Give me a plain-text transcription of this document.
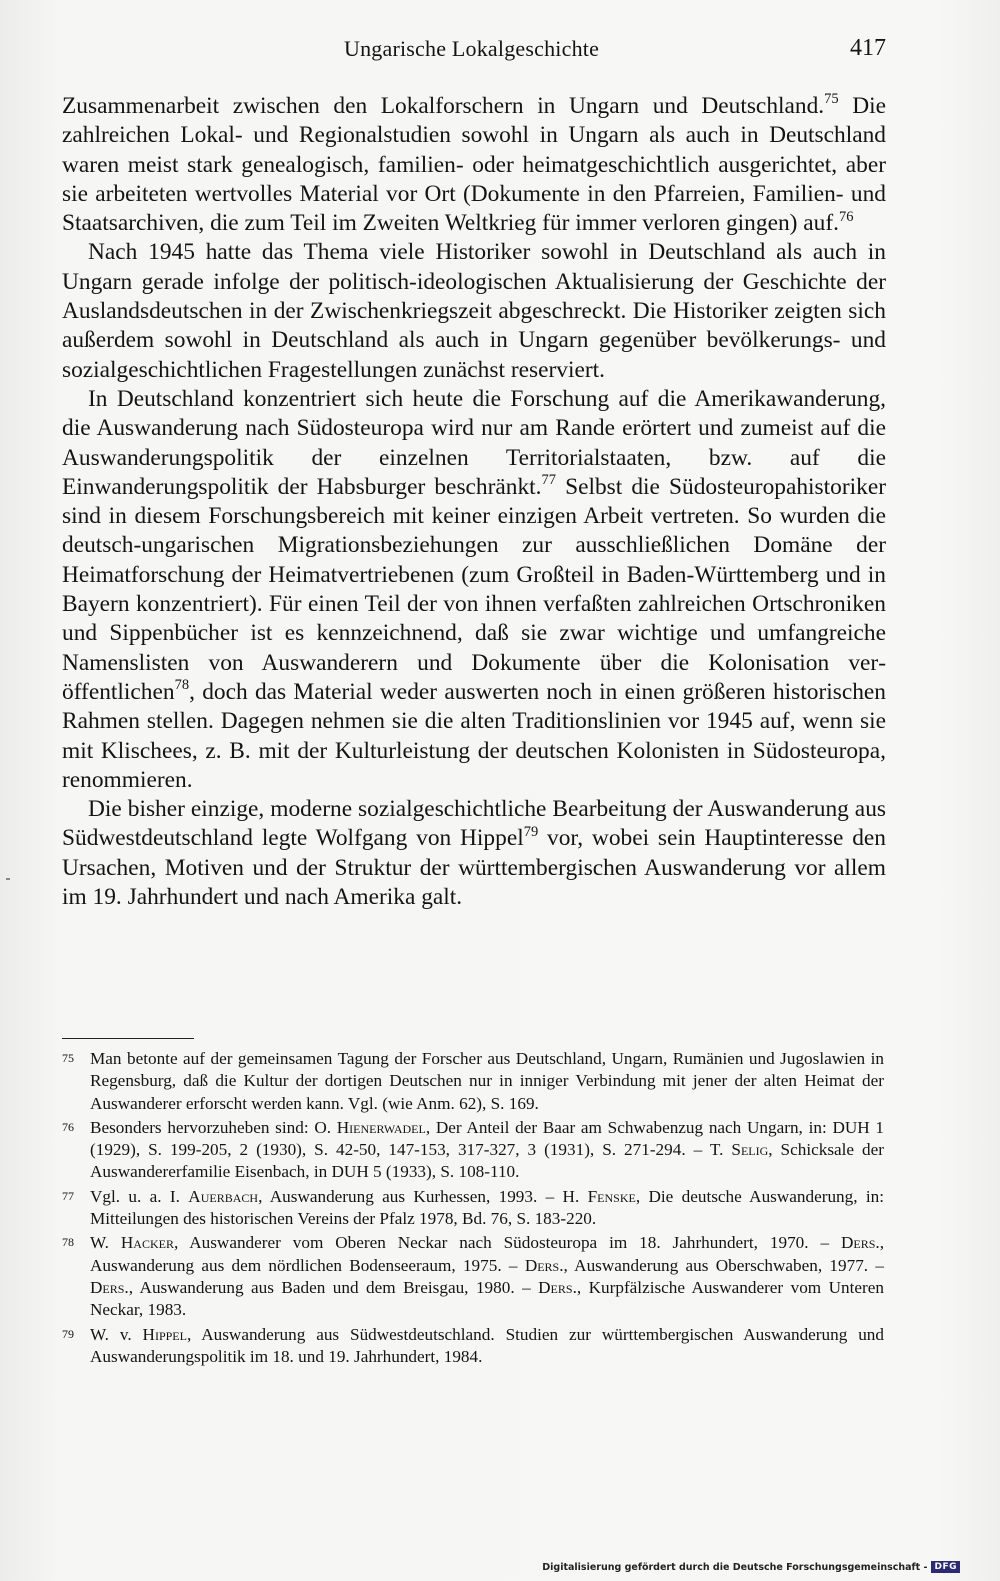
Ungarische Lokalgeschichte	417

Zusammenarbeit zwischen den Lokalforschern in Ungarn und Deutschland.$^{75}$ Die zahlreichen Lokal- und Regionalstudien sowohl in Ungarn als auch in Deutschland waren meist stark genealogisch, familien- oder heimatgeschichtlich ausgerichtet, aber sie arbeiteten wertvolles Material vor Ort (Dokumente in den Pfarreien, Familien- und Staatsarchiven, die zum Teil im Zweiten Weltkrieg für immer verloren gingen) auf.$^{76}$

Nach 1945 hatte das Thema viele Historiker sowohl in Deutschland als auch in Ungarn gerade infolge der politisch-ideologischen Aktualisierung der Geschichte der Auslandsdeutschen in der Zwischenkriegszeit abgeschreckt. Die Historiker zeigten sich außerdem sowohl in Deutschland als auch in Ungarn gegenüber bevölkerungs- und sozialgeschichtlichen Fragestellungen zunächst reserviert.

In Deutschland konzentriert sich heute die Forschung auf die Amerikawanderung, die Auswanderung nach Südosteuropa wird nur am Rande erörtert und zumeist auf die Auswanderungspolitik der einzelnen Territorialstaaten, bzw. auf die Einwanderungspolitik der Habsburger beschränkt.$^{77}$ Selbst die Südosteuropahistoriker sind in diesem Forschungsbereich mit keiner einzigen Arbeit vertreten. So wurden die deutsch-ungarischen Migrationsbeziehungen zur ausschließlichen Domäne der Heimatforschung der Heimatvertriebenen (zum Großteil in Baden-Württemberg und in Bayern konzentriert). Für einen Teil der von ihnen verfaßten zahlreichen Ortschroniken und Sippenbücher ist es kennzeichnend, daß sie zwar wichtige und umfangreiche Namenslisten von Auswanderern und Dokumente über die Kolonisation veröffentlichen$^{78}$, doch das Material weder auswerten noch in einen größeren historischen Rahmen stellen. Dagegen nehmen sie die alten Traditionslinien vor 1945 auf, wenn sie mit Klischees, z. B. mit der Kulturleistung der deutschen Kolonisten in Südosteuropa, renommieren.

Die bisher einzige, moderne sozialgeschichtliche Bearbeitung der Auswanderung aus Südwestdeutschland legte Wolfgang von Hippel$^{79}$ vor, wobei sein Hauptinteresse den Ursachen, Motiven und der Struktur der württembergischen Auswanderung vor allem im 19. Jahrhundert und nach Amerika galt.

75 Man betonte auf der gemeinsamen Tagung der Forscher aus Deutschland, Ungarn, Rumänien und Jugoslawien in Regensburg, daß die Kultur der dortigen Deutschen nur in inniger Verbindung mit jener der alten Heimat der Auswanderer erforscht werden kann. Vgl. (wie Anm. 62), S. 169.
76 Besonders hervorzuheben sind: O. Hienerwadel, Der Anteil der Baar am Schwabenzug nach Ungarn, in: DUH 1 (1929), S. 199-205, 2 (1930), S. 42-50, 147-153, 317-327, 3 (1931), S. 271-294. – T. Selig, Schicksale der Auswandererfamilie Eisenbach, in DUH 5 (1933), S. 108-110.
77 Vgl. u. a. I. Auerbach, Auswanderung aus Kurhessen, 1993. – H. Fenske, Die deutsche Auswanderung, in: Mitteilungen des historischen Vereins der Pfalz 1978, Bd. 76, S. 183-220.
78 W. Hacker, Auswanderer vom Oberen Neckar nach Südosteuropa im 18. Jahrhundert, 1970. – Ders., Auswanderung aus dem nördlichen Bodenseeraum, 1975. – Ders., Auswanderung aus Oberschwaben, 1977. – Ders., Auswanderung aus Baden und dem Breisgau, 1980. – Ders., Kurpfälzische Auswanderer vom Unteren Neckar, 1983.
79 W. v. Hippel, Auswanderung aus Südwestdeutschland. Studien zur württembergischen Auswanderung und Auswanderungspolitik im 18. und 19. Jahrhundert, 1984.
Digitalisierung gefördert durch die Deutsche Forschungsgemeinschaft - DFG
